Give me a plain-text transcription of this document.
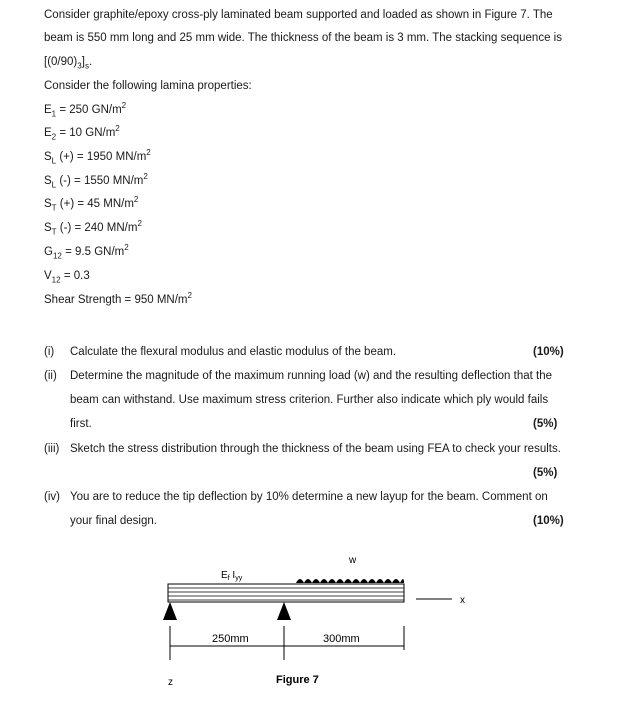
Consider graphite/epoxy cross-ply laminated beam supported and loaded as shown in Figure 7. The
beam is 550 mm long and 25 mm wide. The thickness of the beam is 3 mm. The stacking sequence is
$[(0/90)_3]_s$.
Consider the following lamina properties:
$E_1 = 250$ $GN/m^2$
$E_2 = 10$ $GN/m^2$
$S_L$ (+) = 1950 $MN/m^2$
$S_L$ (-) = 1550 $MN/m^2$
$S_T$ (+) = 45 $MN/m^2$
$S_T$ (-) = 240 $MN/m^2$
$G_{12} = 9.5$ $GN/m^2$
$V_{12} = 0.3$
Shear Strength = 950 $MN/m^2$
(i) Calculate the flexural modulus and elastic modulus of the beam.	(10%)
(ii) Determine the magnitude of the maximum running load (w) and the resulting deflection that the
beam can withstand. Use maximum stress criterion. Further also indicate which ply would fails
first.	(5%)
(iii) Sketch the stress distribution through the thickness of the beam using FEA to check your results.
(5%)
(iv) You are to reduce the tip deflection by 10% determine a new layup for the beam. Comment on
your final design.	(10%)
$E_f$ $I_{yy}$
w
x
250mm	300mm
z	Figure 7
